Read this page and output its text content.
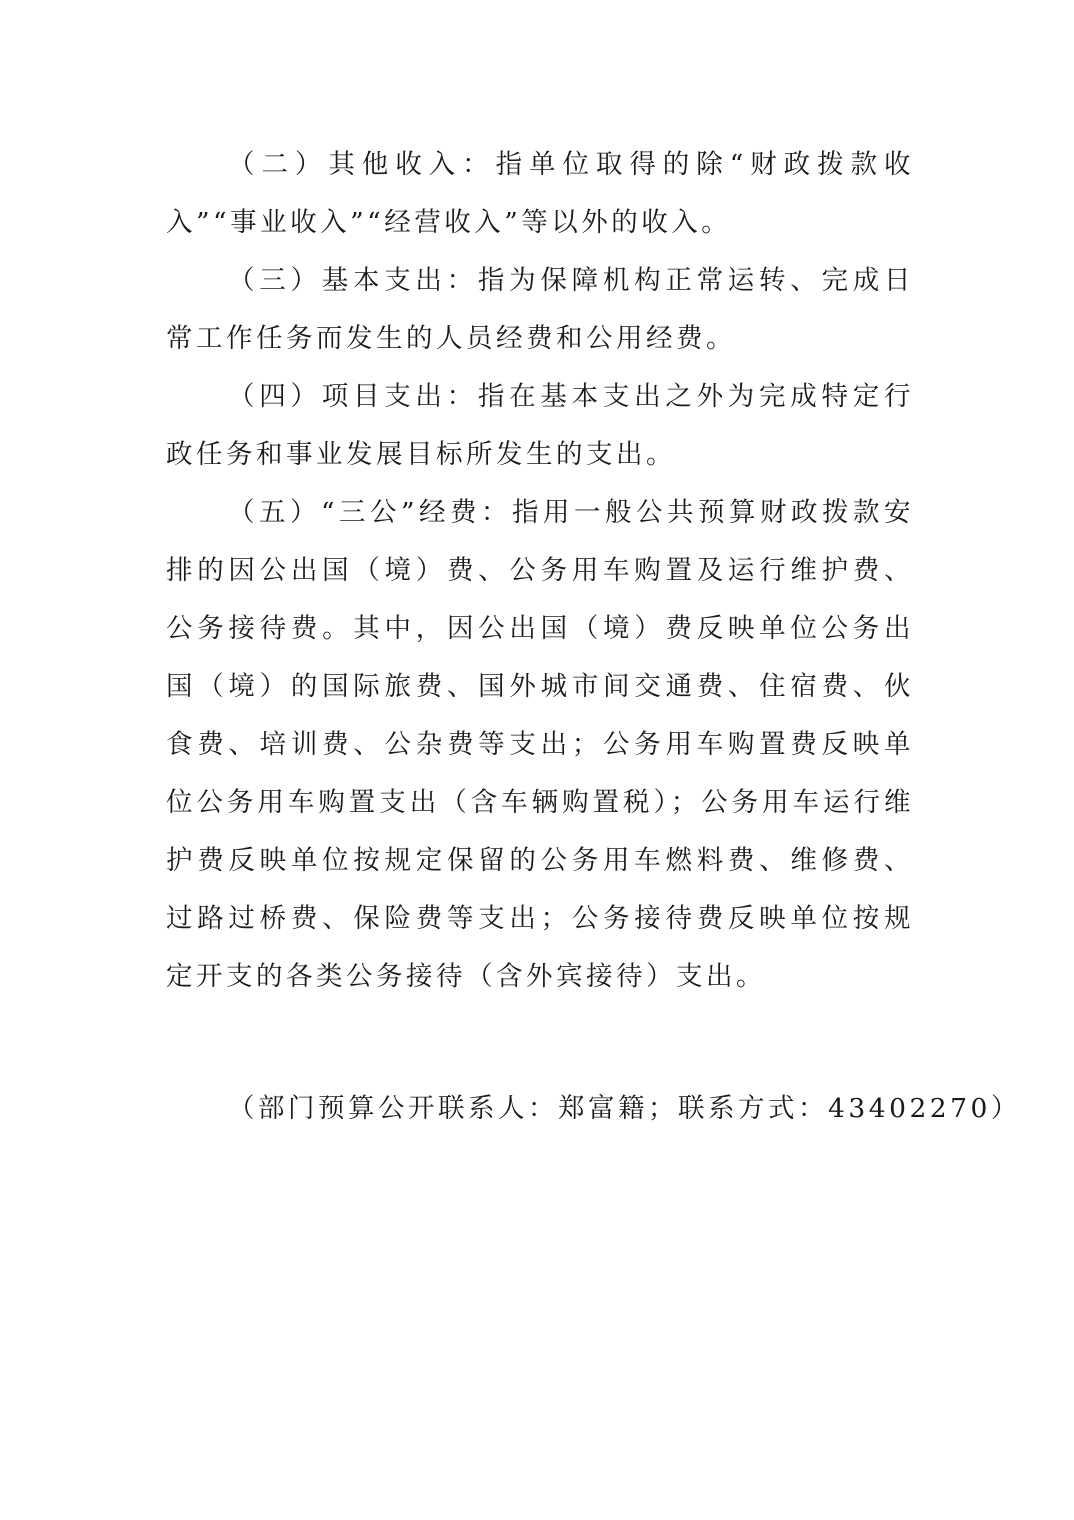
（二）其他收入：指单位取得的除“财政拨款收入”“事业收入”“经营收入”等以外的收入。

（三）基本支出：指为保障机构正常运转、完成日常工作任务而发生的人员经费和公用经费。

（四）项目支出：指在基本支出之外为完成特定行政任务和事业发展目标所发生的支出。

（五）“三公”经费：指用一般公共预算财政拨款安排的因公出国（境）费、公务用车购置及运行维护费、公务接待费。其中，因公出国（境）费反映单位公务出国（境）的国际旅费、国外城市间交通费、住宿费、伙食费、培训费、公杂费等支出；公务用车购置费反映单位公务用车购置支出（含车辆购置税）；公务用车运行维护费反映单位按规定保留的公务用车燃料费、维修费、过路过桥费、保险费等支出；公务接待费反映单位按规定开支的各类公务接待（含外宾接待）支出。

（部门预算公开联系人：郑富籍；联系方式：43402270）
